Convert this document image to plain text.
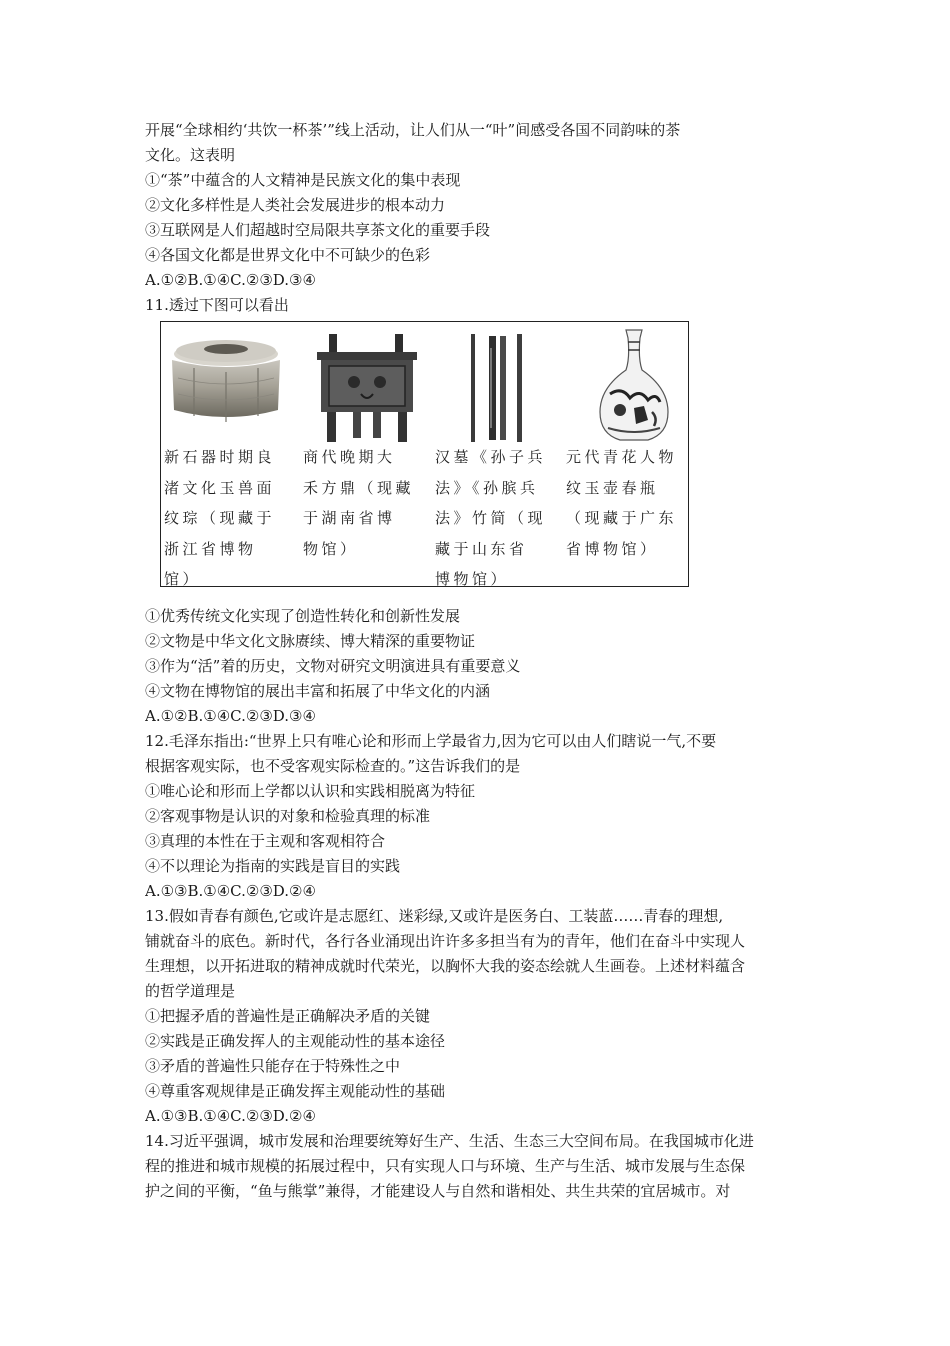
开展“全球相约‘共饮一杯茶’”线上活动，让人们从一“叶”间感受各国不同韵味的茶
文化。这表明
①“茶”中蕴含的人文精神是民族文化的集中表现
②文化多样性是人类社会发展进步的根本动力
③互联网是人们超越时空局限共享茶文化的重要手段
④各国文化都是世界文化中不可缺少的色彩
A.①②B.①④C.②③D.③④
11.透过下图可以看出
新石器时期良
渚文化玉兽面
纹琮（现藏于
浙江省博物
馆）
商代晚期大
禾方鼎（现藏
于湖南省博
物馆）
汉墓《孙子兵
法》《孙膑兵
法》竹简（现
藏于山东省
博物馆）
元代青花人物
纹玉壶春瓶
（现藏于广东
省博物馆）
①优秀传统文化实现了创造性转化和创新性发展
②文物是中华文化文脉赓续、博大精深的重要物证
③作为“活”着的历史，文物对研究文明演进具有重要意义
④文物在博物馆的展出丰富和拓展了中华文化的内涵
A.①②B.①④C.②③D.③④
12.毛泽东指出:“世界上只有唯心论和形而上学最省力,因为它可以由人们瞎说一气,不要
根据客观实际，也不受客观实际检查的。”这告诉我们的是
①唯心论和形而上学都以认识和实践相脱离为特征
②客观事物是认识的对象和检验真理的标准
③真理的本性在于主观和客观相符合
④不以理论为指南的实践是盲目的实践
A.①③B.①④C.②③D.②④
13.假如青春有颜色,它或许是志愿红、迷彩绿,又或许是医务白、工装蓝……青春的理想,
铺就奋斗的底色。新时代，各行各业涌现出许许多多担当有为的青年，他们在奋斗中实现人
生理想，以开拓进取的精神成就时代荣光，以胸怀大我的姿态绘就人生画卷。上述材料蕴含
的哲学道理是
①把握矛盾的普遍性是正确解决矛盾的关键
②实践是正确发挥人的主观能动性的基本途径
③矛盾的普遍性只能存在于特殊性之中
④尊重客观规律是正确发挥主观能动性的基础
A.①③B.①④C.②③D.②④
14.习近平强调，城市发展和治理要统筹好生产、生活、生态三大空间布局。在我国城市化进
程的推进和城市规模的拓展过程中，只有实现人口与环境、生产与生活、城市发展与生态保
护之间的平衡，“鱼与熊掌”兼得，才能建设人与自然和谐相处、共生共荣的宜居城市。对
